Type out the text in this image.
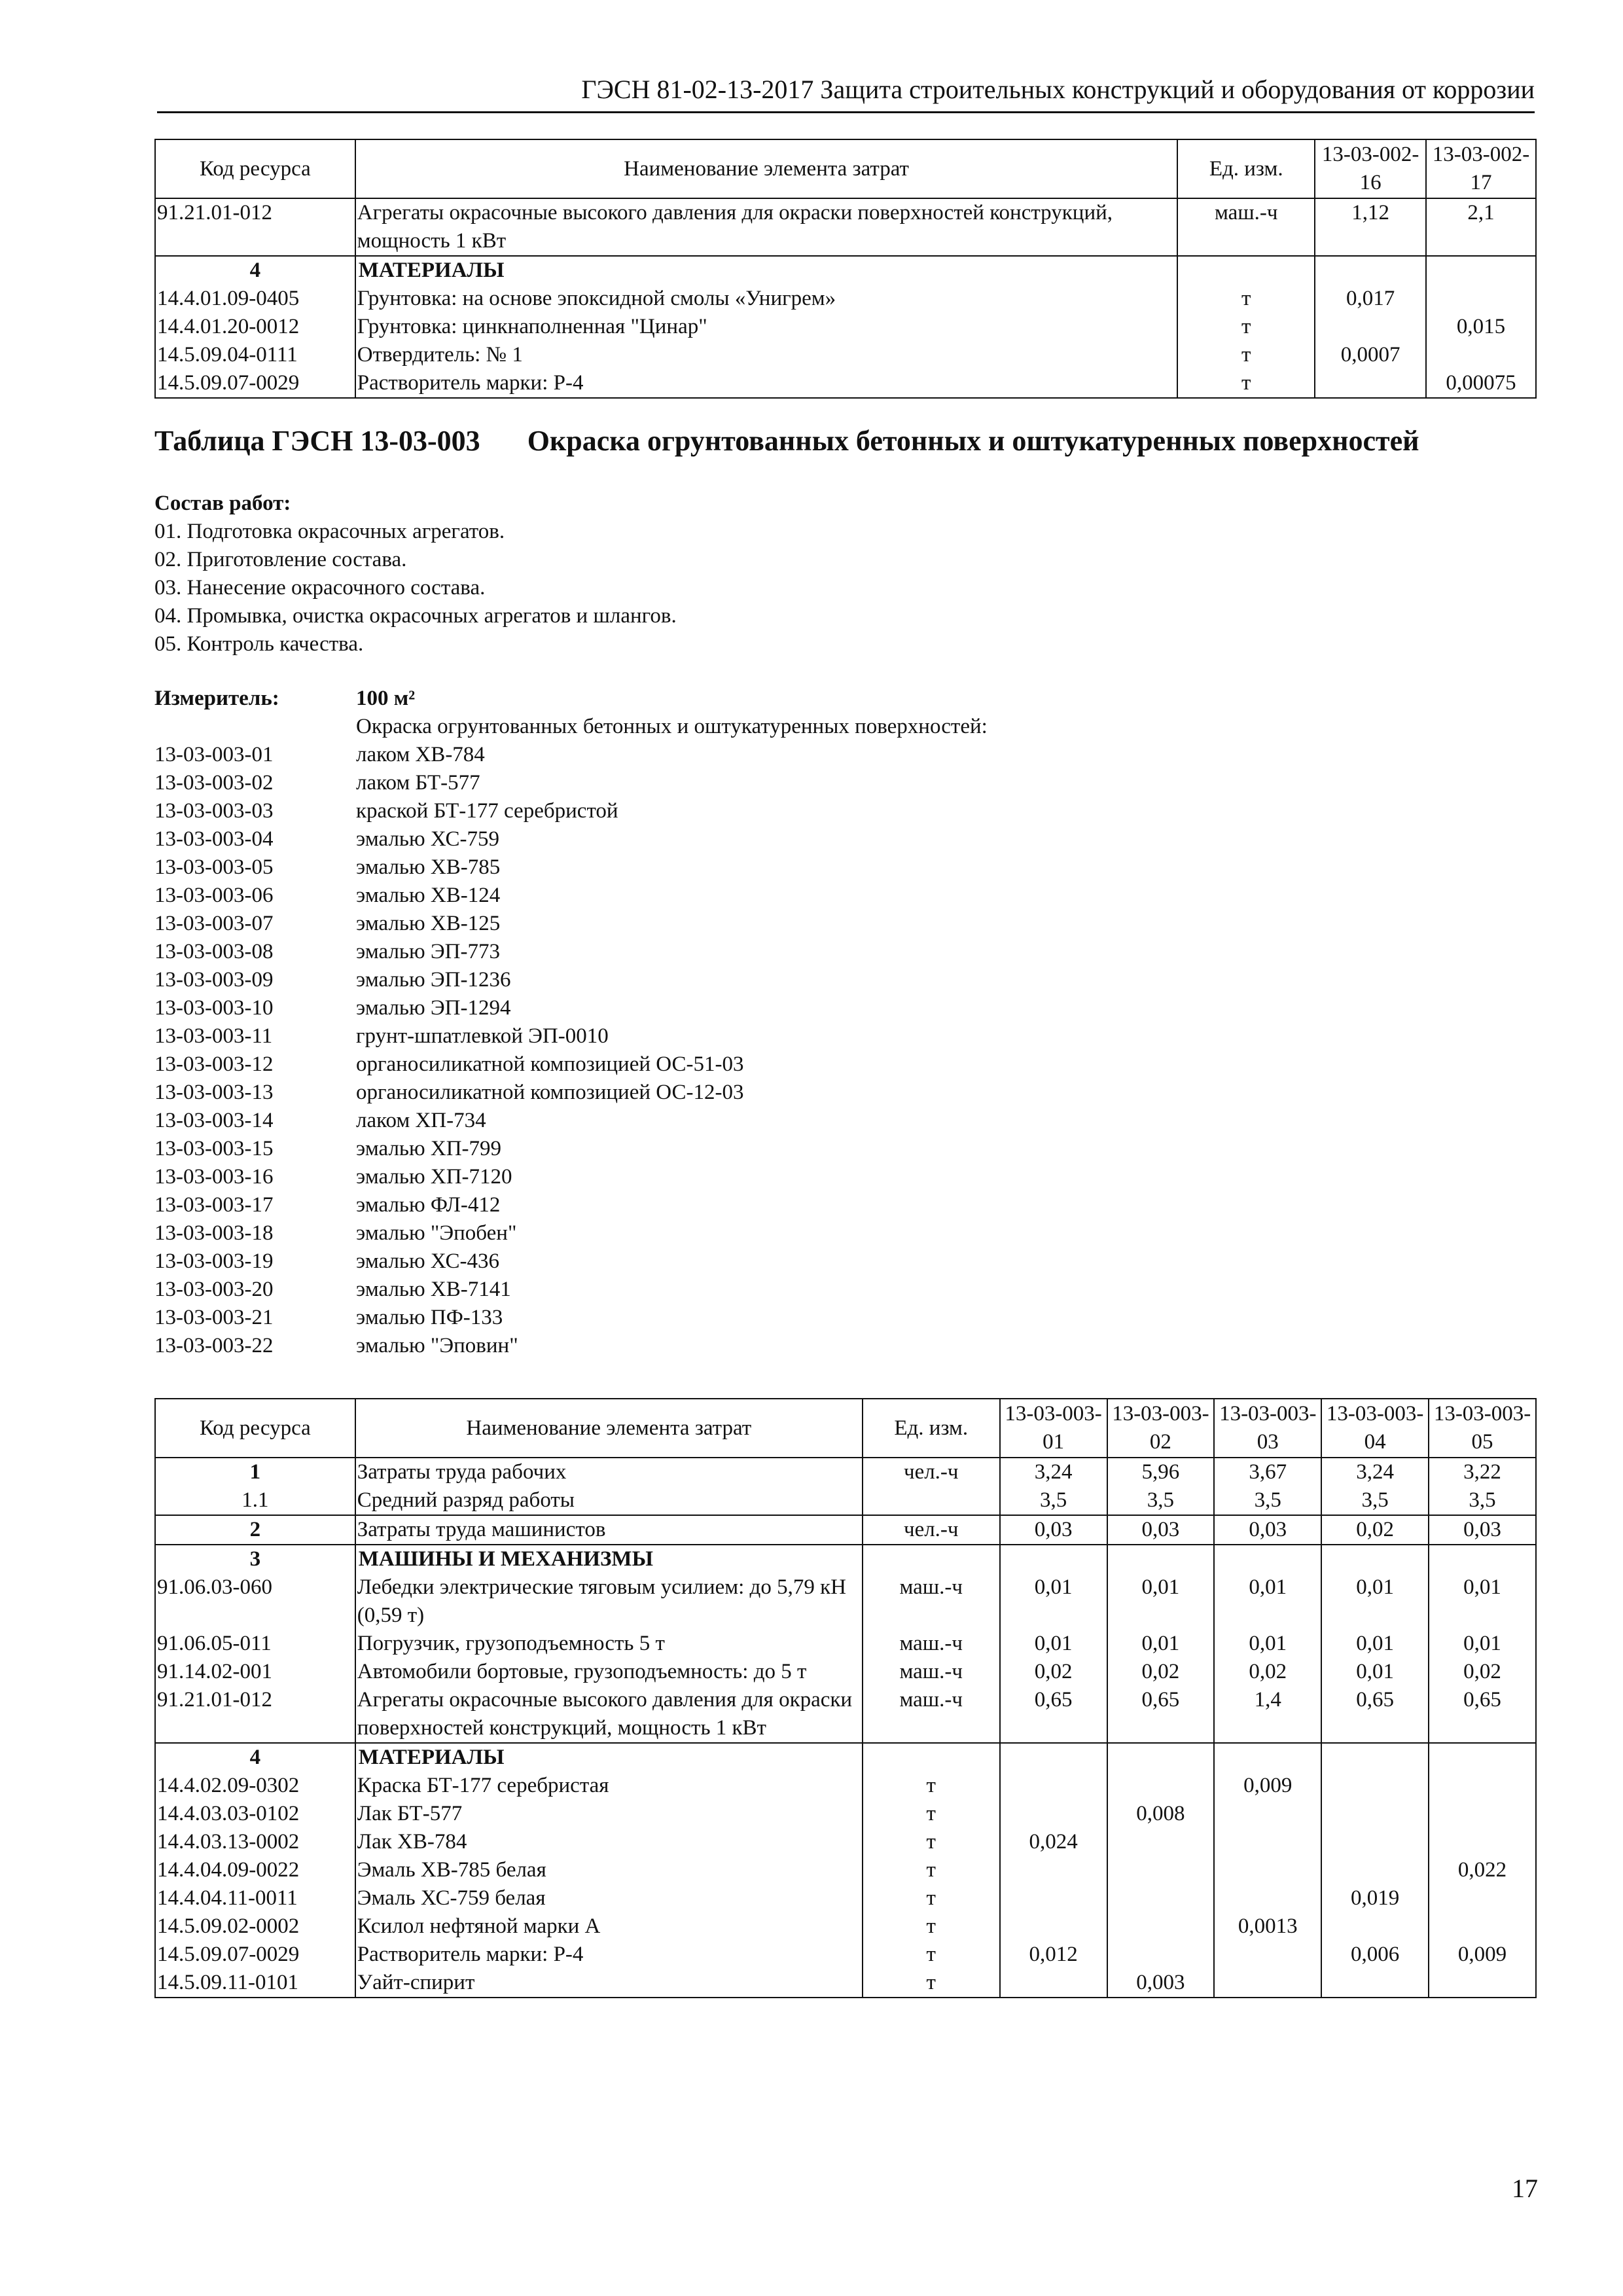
ГЭСН 81-02-13-2017 Защита строительных конструкций и оборудования от коррозии
Код ресурса	Наименование элемента затрат	Ед. изм.	13-03-002-16	13-03-002-17
91.21.01-012	Агрегаты окрасочные высокого давления для окраски поверхностей конструкций, мощность 1 кВт	маш.-ч	1,12	2,1
4	МАТЕРИАЛЫ			
14.4.01.09-0405	Грунтовка: на основе эпоксидной смолы «Унигрем»	т	0,017	
14.4.01.20-0012	Грунтовка: цинкнаполненная "Цинар"	т		0,015
14.5.09.04-0111	Отвердитель: № 1	т	0,0007	
14.5.09.07-0029	Растворитель марки: Р-4	т		0,00075
Таблица ГЭСН 13-03-003 Окраска огрунтованных бетонных и оштукатуренных поверхностей
Состав работ:
01. Подготовка окрасочных агрегатов.
02. Приготовление состава.
03. Нанесение окрасочного состава.
04. Промывка, очистка окрасочных агрегатов и шлангов.
05. Контроль качества.
Измеритель:	100 м²
Окраска огрунтованных бетонных и оштукатуренных поверхностей:
13-03-003-01	лаком ХВ-784
13-03-003-02	лаком БТ-577
13-03-003-03	краской БТ-177 серебристой
13-03-003-04	эмалью ХС-759
13-03-003-05	эмалью ХВ-785
13-03-003-06	эмалью ХВ-124
13-03-003-07	эмалью ХВ-125
13-03-003-08	эмалью ЭП-773
13-03-003-09	эмалью ЭП-1236
13-03-003-10	эмалью ЭП-1294
13-03-003-11	грунт-шпатлевкой ЭП-0010
13-03-003-12	органосиликатной композицией ОС-51-03
13-03-003-13	органосиликатной композицией ОС-12-03
13-03-003-14	лаком ХП-734
13-03-003-15	эмалью ХП-799
13-03-003-16	эмалью ХП-7120
13-03-003-17	эмалью ФЛ-412
13-03-003-18	эмалью "Эпобен"
13-03-003-19	эмалью ХС-436
13-03-003-20	эмалью ХВ-7141
13-03-003-21	эмалью ПФ-133
13-03-003-22	эмалью "Эповин"
Код ресурса	Наименование элемента затрат	Ед. изм.	13-03-003-01	13-03-003-02	13-03-003-03	13-03-003-04	13-03-003-05
1	Затраты труда рабочих	чел.-ч	3,24	5,96	3,67	3,24	3,22
1.1	Средний разряд работы		3,5	3,5	3,5	3,5	3,5
2	Затраты труда машинистов	чел.-ч	0,03	0,03	0,03	0,02	0,03
3	МАШИНЫ И МЕХАНИЗМЫ						
91.06.03-060	Лебедки электрические тяговым усилием: до 5,79 кН (0,59 т)	маш.-ч	0,01	0,01	0,01	0,01	0,01
91.06.05-011	Погрузчик, грузоподъемность 5 т	маш.-ч	0,01	0,01	0,01	0,01	0,01
91.14.02-001	Автомобили бортовые, грузоподъемность: до 5 т	маш.-ч	0,02	0,02	0,02	0,01	0,02
91.21.01-012	Агрегаты окрасочные высокого давления для окраски поверхностей конструкций, мощность 1 кВт	маш.-ч	0,65	0,65	1,4	0,65	0,65
4	МАТЕРИАЛЫ						
14.4.02.09-0302	Краска БТ-177 серебристая	т			0,009		
14.4.03.03-0102	Лак БТ-577	т		0,008			
14.4.03.13-0002	Лак ХВ-784	т	0,024				
14.4.04.09-0022	Эмаль ХВ-785 белая	т					0,022
14.4.04.11-0011	Эмаль ХС-759 белая	т				0,019	
14.5.09.02-0002	Ксилол нефтяной марки А	т			0,0013		
14.5.09.07-0029	Растворитель марки: Р-4	т	0,012			0,006	0,009
14.5.09.11-0101	Уайт-спирит	т		0,003			
17
